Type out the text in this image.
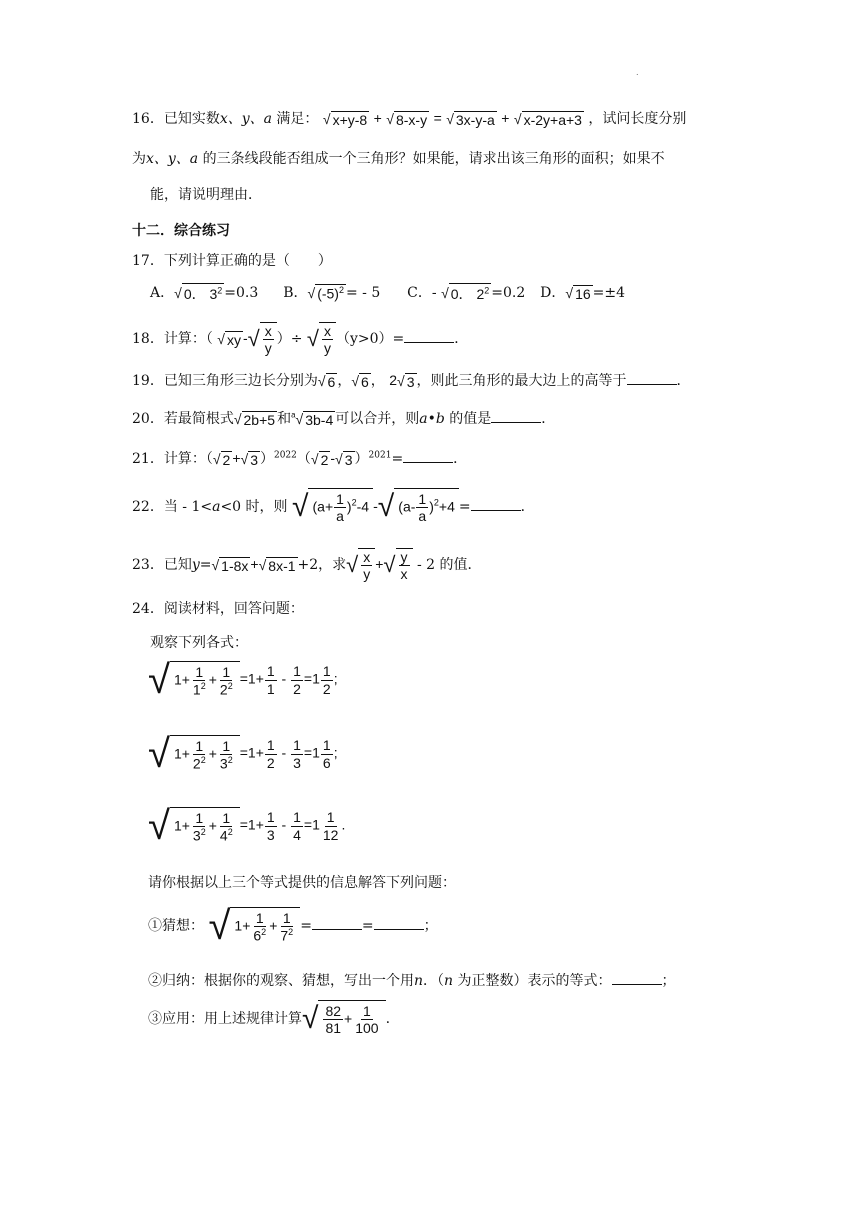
.
16．已知实数x、y、a 满足： √ x+y-8 + √ 8-x-y = √ 3x-y-a + √ x-2y+a+3 ，试问长度分别
为x、y、a 的三条线段能否组成一个三角形？如果能，请求出该三角形的面积；如果不
能，请说明理由．
十二．综合练习
17．下列计算正确的是（　　）
A．√ 0． $3^2 =0.3$ B．√ $(-5)^2$ = - 5 C．- √ 0． $2^2 =0.2$ D．√ 16 =±4
18．计算：（ √ xy -√ $\frac{x}{y}$ ）÷ √ $\frac{x}{y} (y>0)=$	．
19．已知三角形三边长分别为√ 6 ，√ 6 ， 2√ 3 ，则此三角形的最大边上的高等于	．
20．若最简根式√ 2b+5 和$^a$√ 3b-4 可以合并，则a•b 的值是	．
21．计算：（√ 2 +√ 3 ）$^{2022}$（√ 2 -√ 3 ）$^{2021}$=	．
22．当 - 1<a<0 时，则 √ $(a+ \frac{1}{a} )^2-4$ -√ $(a- \frac{1}{a} )^2+4$ =	．
23．已知y=√ 1-8x +√ 8x-1 +2，求√ $\frac{x}{y}$ +√ $\frac{y}{x} - 2$ 的值．
24．阅读材料，回答问题：
观察下列各式：
√ $1+ \frac{1}{1^2} + \frac{1}{2^2} =1+ \frac{1}{1} - \frac{1}{2} =1 \frac{1}{2}$ ;
√ $1+ \frac{1}{2^2} + \frac{1}{3^2} =1+ \frac{1}{2} - \frac{1}{3} =1 \frac{1}{6}$ ;
√ $1+ \frac{1}{3^2} + \frac{1}{4^2} =1+ \frac{1}{3} - \frac{1}{4} =1 \frac{1}{12}$ .
请你根据以上三个等式提供的信息解答下列问题：
①猜想： √ $1+ \frac{1}{6^2} + \frac{1}{7^2}$ =	=	；
②归纳：根据你的观察、猜想，写出一个用n．（n 为正整数）表示的等式：	；
③应用：用上述规律计算√ $\frac{82}{81} + \frac{1}{100}$ .
